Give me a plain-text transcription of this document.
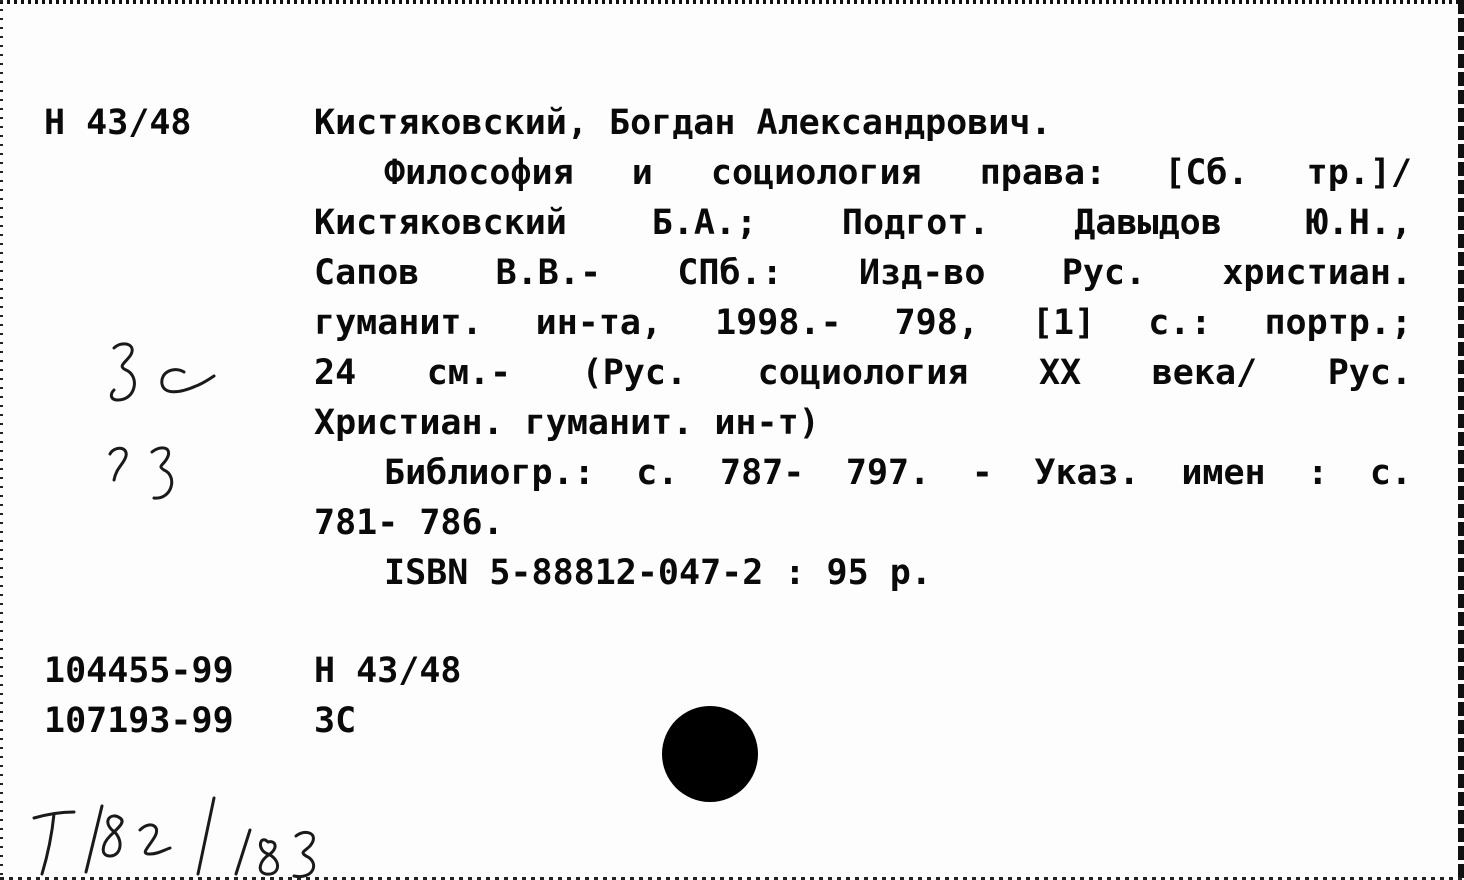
Н 43/48	Кистяковский, Богдан Александрович.
Философия и социология права: [Сб. тр.]/
Кистяковский Б.А.; Подгот. Давыдов Ю.Н.,
Сапов В.В.- СПб.: Изд-во Рус. христиан.
гуманит. ин-та, 1998.- 798, [1] с.: портр.;
24 см.- (Рус. социология XX века/ Рус.
Христиан. гуманит. ин-т)
Библиогр.: с. 787- 797. - Указ. имен : с.
781- 786.
ISBN 5-88812-047-2 : 95 р.
104455-99 Н 43/48
107193-99 ЗС
